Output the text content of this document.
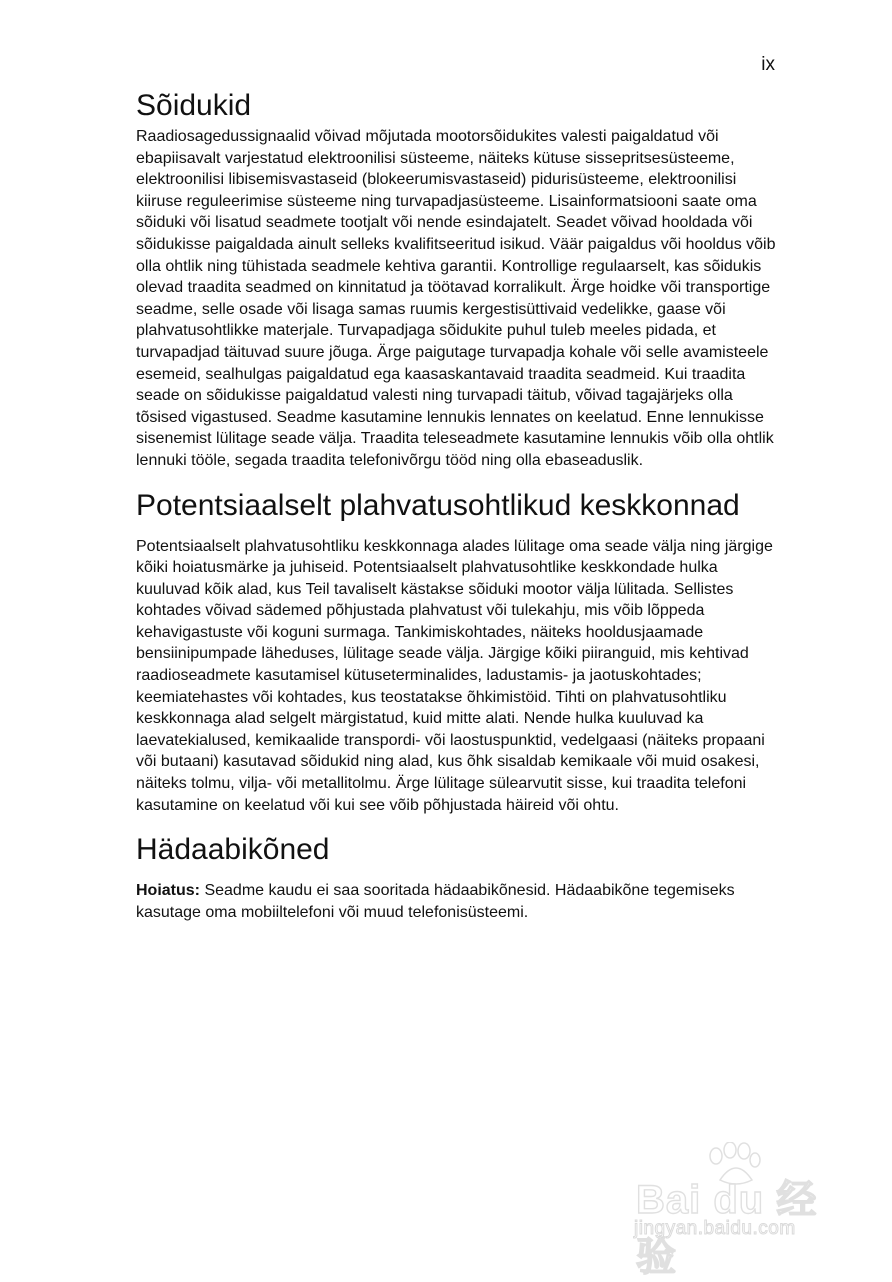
ix
Sõidukid

Raadiosagedussignaalid võivad mõjutada mootorsõidukites valesti paigaldatud või ebapiisavalt varjestatud elektroonilisi süsteeme, näiteks kütuse sissepritsesüsteeme, elektroonilisi libisemisvastaseid (blokeerumisvastaseid) pidurisüsteeme, elektroonilisi kiiruse reguleerimise süsteeme ning turvapadjasüsteeme. Lisainformatsiooni saate oma sõiduki või lisatud seadmete tootjalt või nende esindajatelt. Seadet võivad hooldada või sõidukisse paigaldada ainult selleks kvalifitseeritud isikud. Väär paigaldus või hooldus võib olla ohtlik ning tühistada seadmele kehtiva garantii. Kontrollige regulaarselt, kas sõidukis olevad traadita seadmed on kinnitatud ja töötavad korralikult. Ärge hoidke või transportige seadme, selle osade või lisaga samas ruumis kergestisüttivaid vedelikke, gaase või plahvatusohtlikke materjale. Turvapadjaga sõidukite puhul tuleb meeles pidada, et turvapadjad täituvad suure jõuga. Ärge paigutage turvapadja kohale või selle avamisteele esemeid, sealhulgas paigaldatud ega kaasaskantavaid traadita seadmeid. Kui traadita seade on sõidukisse paigaldatud valesti ning turvapadi täitub, võivad tagajärjeks olla tõsised vigastused. Seadme kasutamine lennukis lennates on keelatud. Enne lennukisse sisenemist lülitage seade välja. Traadita teleseadmete kasutamine lennukis võib olla ohtlik lennuki tööle, segada traadita telefonivõrgu tööd ning olla ebaseaduslik.

Potentsiaalselt plahvatusohtlikud keskkonnad

Potentsiaalselt plahvatusohtliku keskkonnaga alades lülitage oma seade välja ning järgige kõiki hoiatusmärke ja juhiseid. Potentsiaalselt plahvatusohtlike keskkondade hulka kuuluvad kõik alad, kus Teil tavaliselt kästakse sõiduki mootor välja lülitada. Sellistes kohtades võivad sädemed põhjustada plahvatust või tulekahju, mis võib lõppeda kehavigastuste või koguni surmaga. Tankimiskohtades, näiteks hooldusjaamade bensiinipumpade läheduses, lülitage seade välja. Järgige kõiki piiranguid, mis kehtivad raadioseadmete kasutamisel kütuseterminalides, ladustamis- ja jaotuskohtades; keemiatehastes või kohtades, kus teostatakse õhkimistöid. Tihti on plahvatusohtliku keskkonnaga alad selgelt märgistatud, kuid mitte alati. Nende hulka kuuluvad ka laevatekialused, kemikaalide transpordi- või laostuspunktid, vedelgaasi (näiteks propaani või butaani) kasutavad sõidukid ning alad, kus õhk sisaldab kemikaale või muid osakesi, näiteks tolmu, vilja- või metallitolmu. Ärge lülitage sülearvutit sisse, kui traadita telefoni kasutamine on keelatud või kui see võib põhjustada häireid või ohtu.

Hädaabikõned

Hoiatus: Seadme kaudu ei saa sooritada hädaabikõnesid. Hädaabikõne tegemiseks kasutage oma mobiiltelefoni või muud telefonisüsteemi.

Bai du 经验
jingyan.baidu.com
